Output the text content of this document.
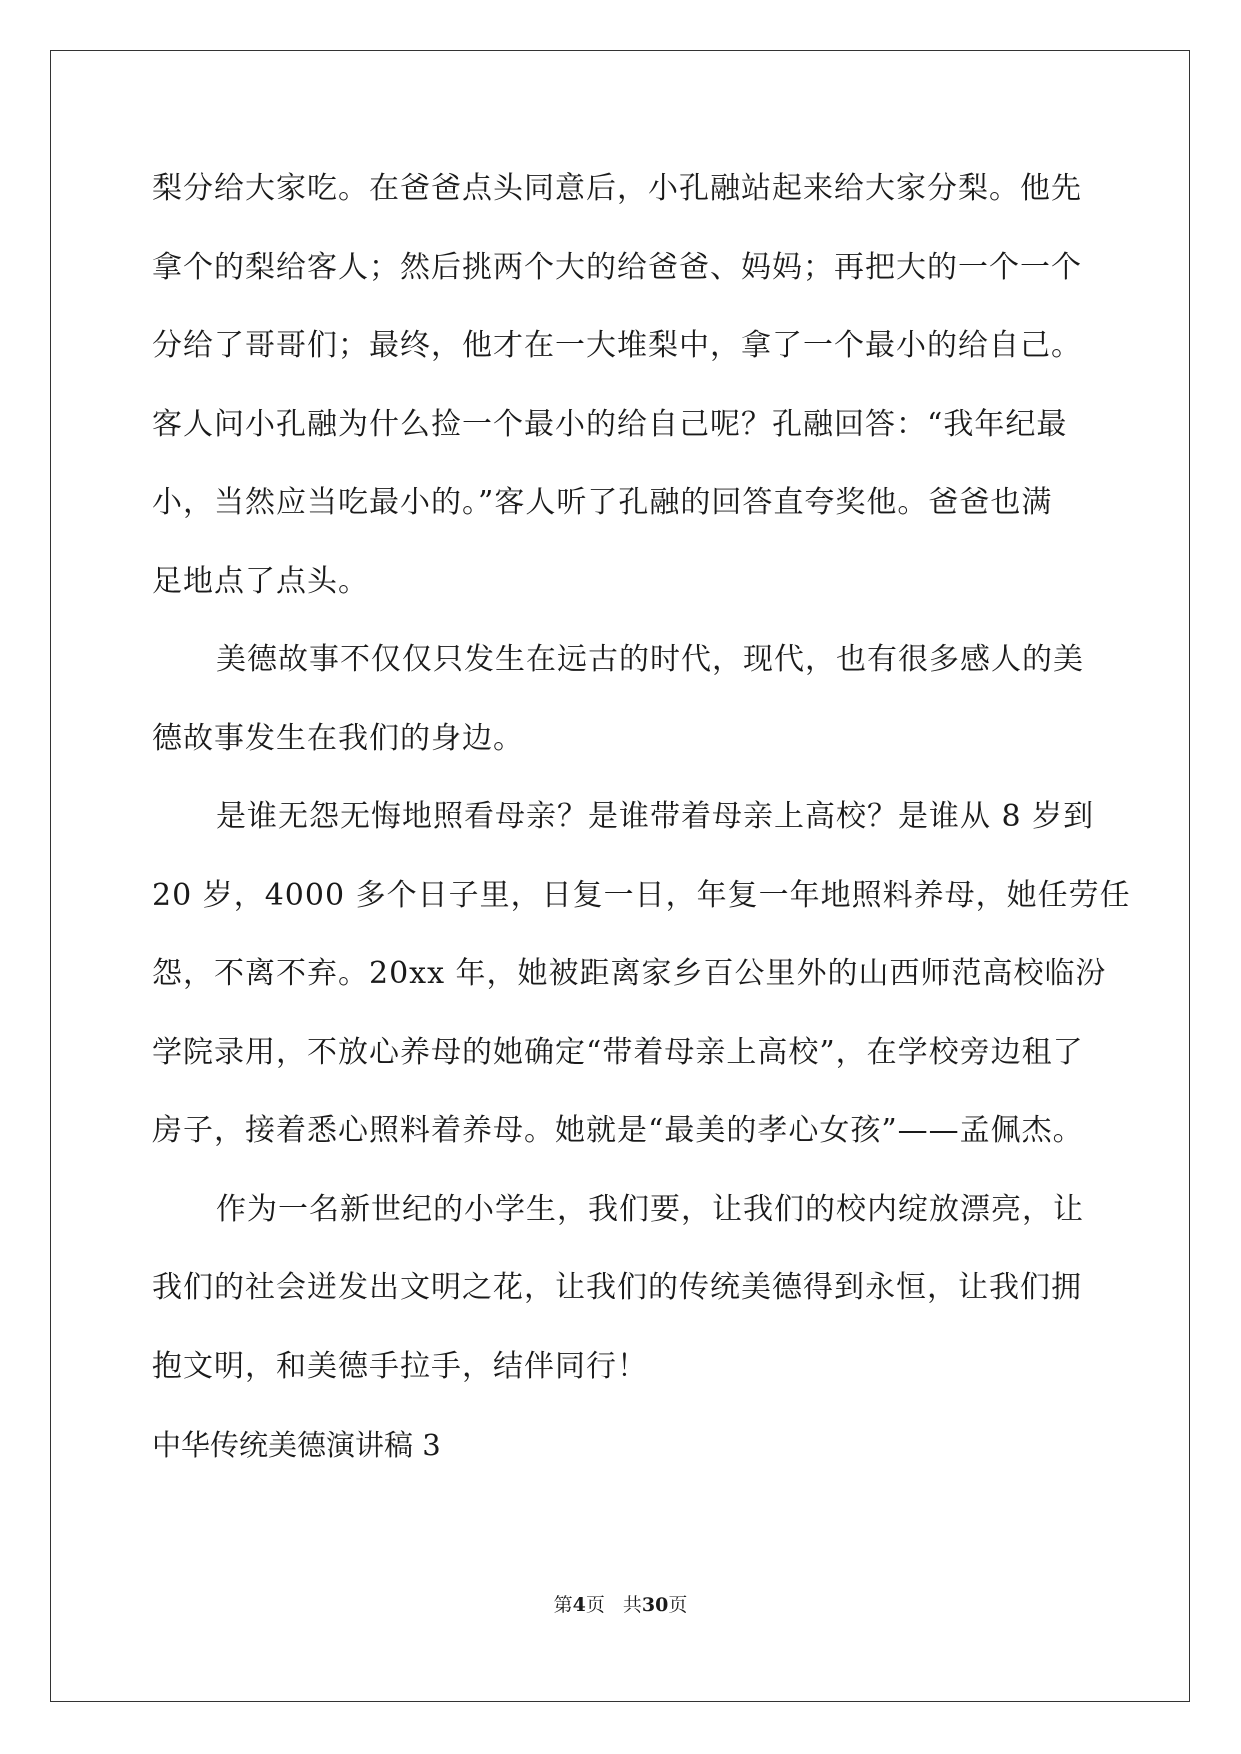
梨分给大家吃。在爸爸点头同意后，小孔融站起来给大家分梨。他先
拿个的梨给客人；然后挑两个大的给爸爸、妈妈；再把大的一个一个
分给了哥哥们；最终，他才在一大堆梨中，拿了一个最小的给自己。
客人问小孔融为什么捡一个最小的给自己呢？孔融回答：“我年纪最
小，当然应当吃最小的。”客人听了孔融的回答直夸奖他。爸爸也满
足地点了点头。
美德故事不仅仅只发生在远古的时代，现代，也有很多感人的美
德故事发生在我们的身边。
是谁无怨无悔地照看母亲？是谁带着母亲上高校？是谁从 8 岁到
20 岁，4000 多个日子里，日复一日，年复一年地照料养母，她任劳任
怨，不离不弃。20xx 年，她被距离家乡百公里外的山西师范高校临汾
学院录用，不放心养母的她确定“带着母亲上高校”，在学校旁边租了
房子，接着悉心照料着养母。她就是“最美的孝心女孩”——孟佩杰。
作为一名新世纪的小学生，我们要，让我们的校内绽放漂亮，让
我们的社会迸发出文明之花，让我们的传统美德得到永恒，让我们拥
抱文明，和美德手拉手，结伴同行！
中华传统美德演讲稿 3
第4页 共30页
